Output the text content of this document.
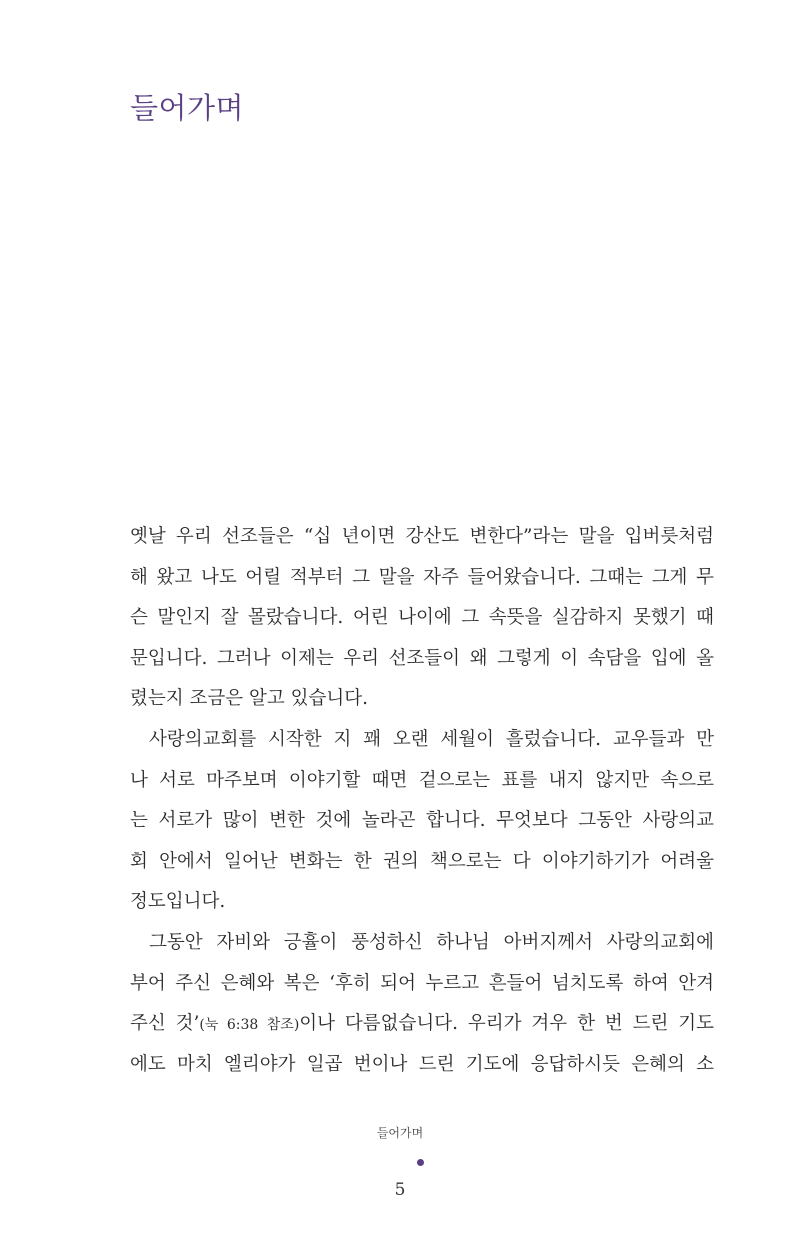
들어가며
옛날 우리 선조들은 “십 년이면 강산도 변한다”라는 말을 입버릇처럼
해 왔고 나도 어릴 적부터 그 말을 자주 들어왔습니다. 그때는 그게 무
슨 말인지 잘 몰랐습니다. 어린 나이에 그 속뜻을 실감하지 못했기 때
문입니다. 그러나 이제는 우리 선조들이 왜 그렇게 이 속담을 입에 올
렸는지 조금은 알고 있습니다.
사랑의교회를 시작한 지 꽤 오랜 세월이 흘렀습니다. 교우들과 만
나 서로 마주보며 이야기할 때면 겉으로는 표를 내지 않지만 속으로
는 서로가 많이 변한 것에 놀라곤 합니다. 무엇보다 그동안 사랑의교
회 안에서 일어난 변화는 한 권의 책으로는 다 이야기하기가 어려울
정도입니다.
그동안 자비와 긍휼이 풍성하신 하나님 아버지께서 사랑의교회에
부어 주신 은혜와 복은 ‘후히 되어 누르고 흔들어 넘치도록 하여 안겨
주신 것’(눅 6:38 참조)이나 다름없습니다. 우리가 겨우 한 번 드린 기도
에도 마치 엘리야가 일곱 번이나 드린 기도에 응답하시듯 은혜의 소
들어가며
5
